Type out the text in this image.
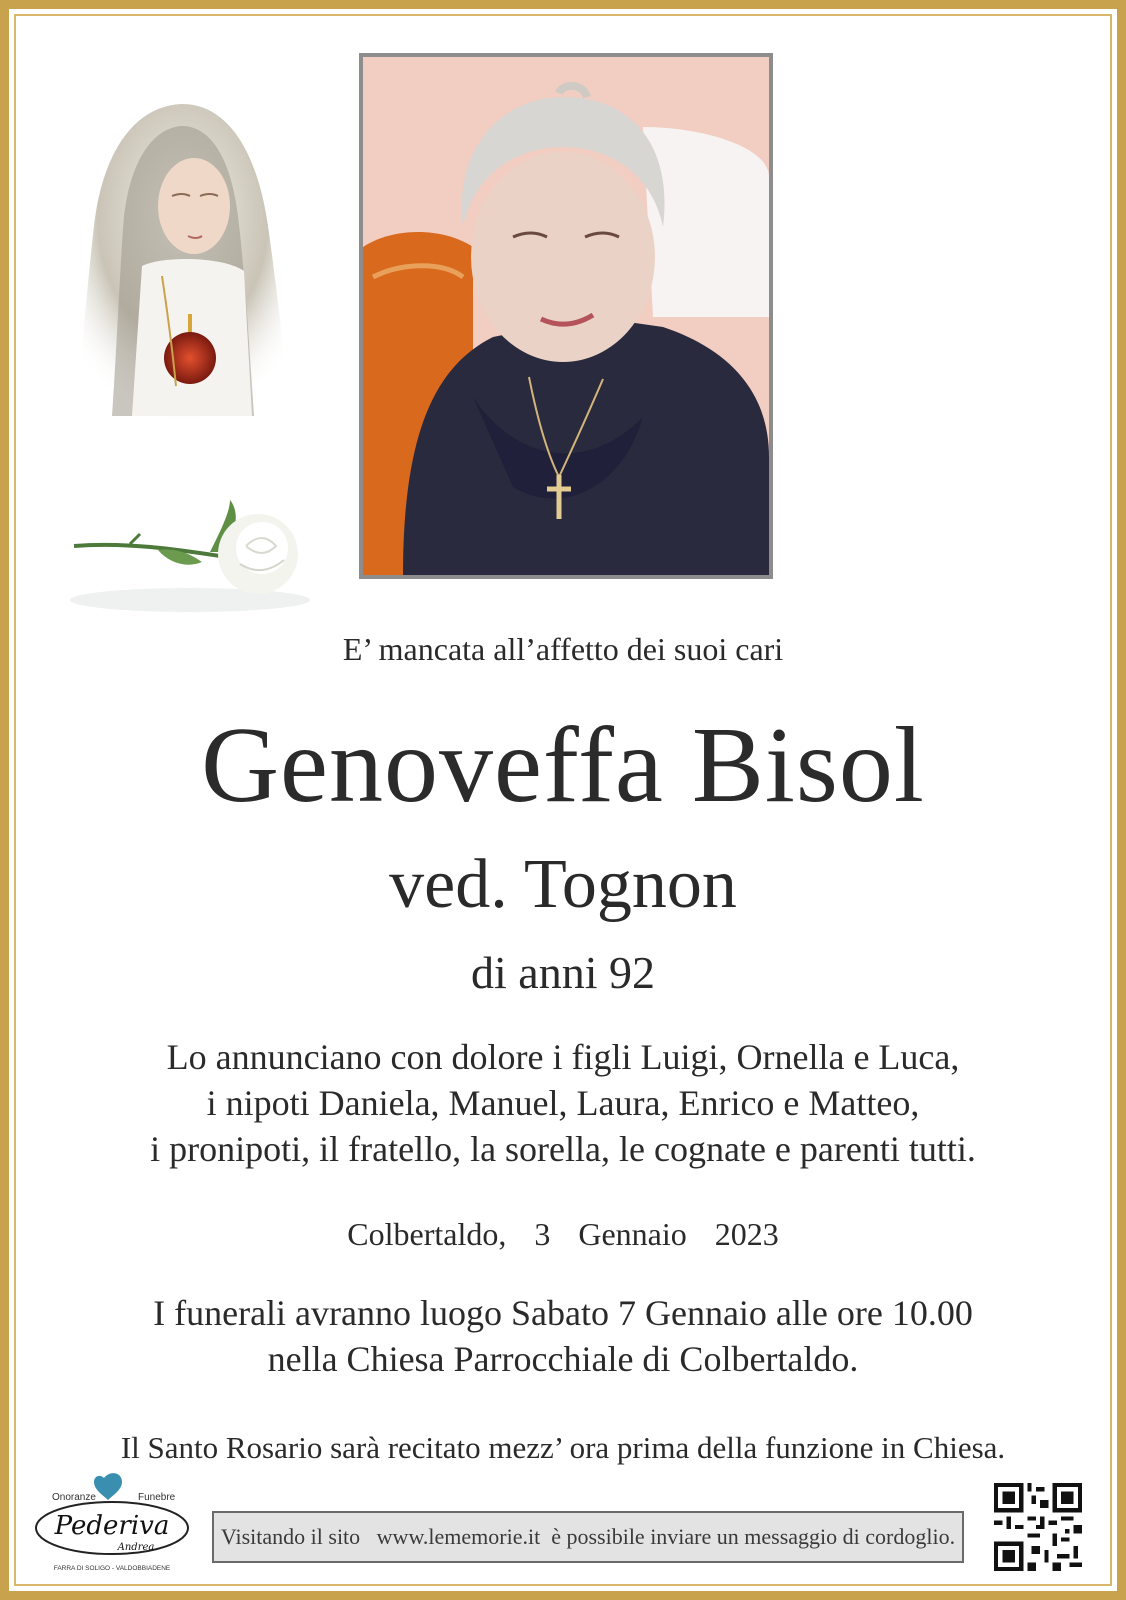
E’ mancata all’affetto dei suoi cari
Genoveffa Bisol
ved. Tognon
di anni 92
Lo annunciano con dolore i figli Luigi, Ornella e Luca,
i nipoti Daniela, Manuel, Laura, Enrico e Matteo,
i pronipoti, il fratello, la sorella, le cognate e parenti tutti.
Colbertaldo,  3  Gennaio  2023
I funerali avranno luogo Sabato 7 Gennaio alle ore 10.00
nella Chiesa Parrocchiale di Colbertaldo.
Il Santo Rosario sarà recitato mezz’ ora prima della funzione in Chiesa.
Onoranze	Funebre
Pederiva
Andrea
FARRA DI SOLIGO - VALDOBBIADENE
Visitando il sito
www.lememorie.it
è possibile inviare un messaggio di cordoglio.
